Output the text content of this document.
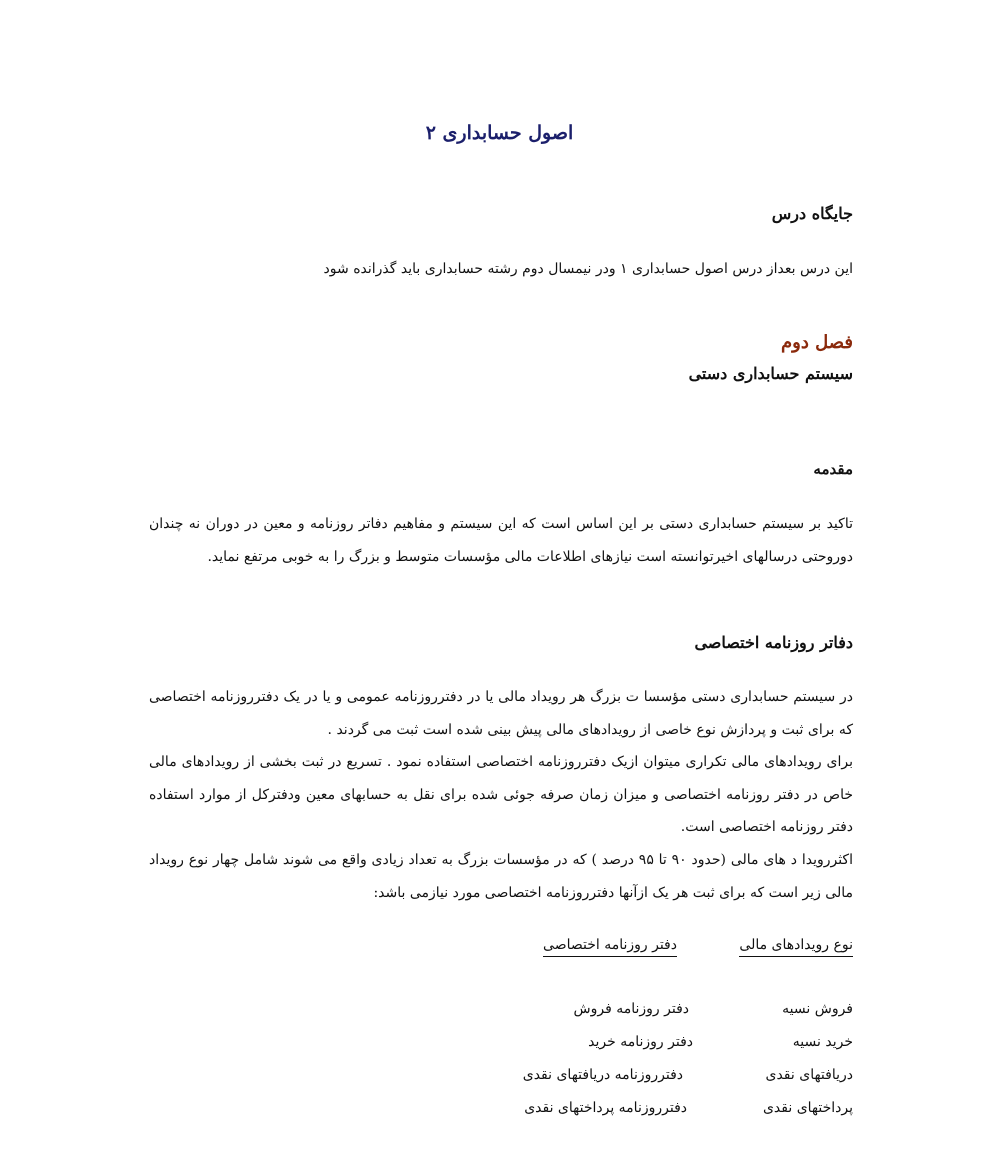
اصول حسابداری ۲
جایگاه درس
این درس بعداز درس اصول حسابداری ۱ ودر نیمسال دوم رشته حسابداری باید گذرانده شود
فصل دوم
سیستم حسابداری دستی
مقدمه
تاکید بر سیستم حسابداری دستی بر این اساس است که این سیستم و مفاهیم دفاتر روزنامه و معین در دوران نه چندان دوروحتی درسالهای اخیرتوانسته است نیازهای اطلاعات مالی مؤسسات متوسط و بزرگ را به خوبی مرتفع نماید.
دفاتر روزنامه اختصاصی
در سیستم حسابداری دستی مؤسسا ت بزرگ هر رویداد مالی یا در دفترروزنامه عمومی و یا در یک دفترروزنامه اختصاصی که برای ثبت و پردازش نوع خاصی از رویدادهای مالی پیش بینی شده است ثبت می گردند .
برای رویدادهای مالی تکراری میتوان ازیک دفترروزنامه اختصاصی استفاده نمود . تسریع در ثبت بخشی از رویدادهای مالی خاص در دفتر روزنامه اختصاصی و میزان زمان صرفه جوئی شده برای نقل به حسابهای معین ودفترکل از موارد استفاده دفتر روزنامه اختصاصی است.
اکثررویدا د های مالی (حدود ۹۰ تا ۹۵ درصد ) که در مؤسسات بزرگ به تعداد زیادی واقع می شوند شامل چهار نوع رویداد مالی زیر است که برای ثبت هر یک ازآنها دفترروزنامه اختصاصی مورد نیازمی باشد:
نوع رویدادهای مالی
دفتر روزنامه اختصاصی
فروش نسیه
دفتر روزنامه فروش
خرید نسیه
دفتر روزنامه خرید
دریافتهای نقدی
دفترروزنامه دریافتهای نقدی
پرداختهای نقدی
دفترروزنامه پرداختهای نقدی
